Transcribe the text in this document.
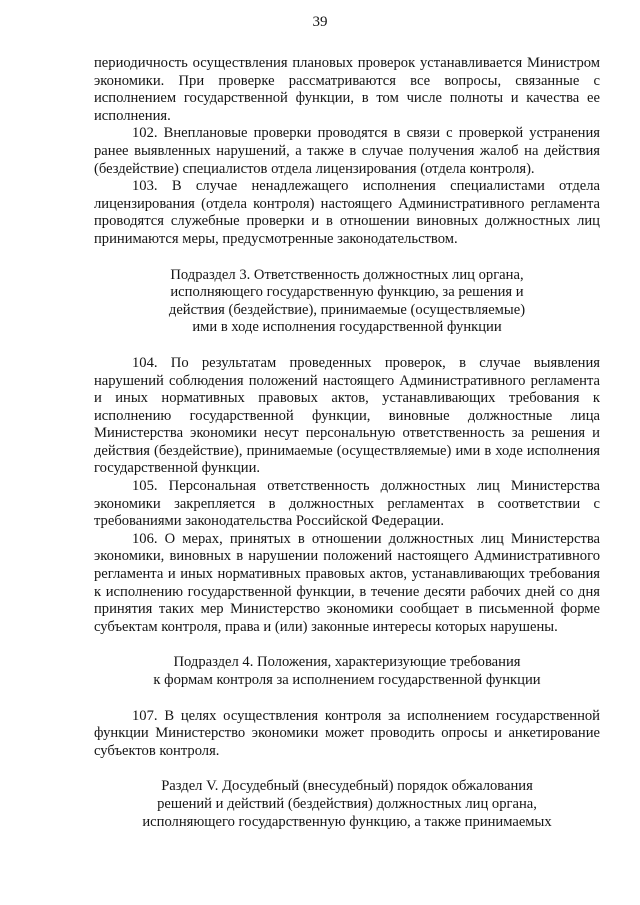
39

периодичность осуществления плановых проверок устанавливается Министром экономики. При проверке рассматриваются все вопросы, связанные с исполнением государственной функции, в том числе полноты и качества ее исполнения.

102. Внеплановые проверки проводятся в связи с проверкой устранения ранее выявленных нарушений, а также в случае получения жалоб на действия (бездействие) специалистов отдела лицензирования (отдела контроля).

103. В случае ненадлежащего исполнения специалистами отдела лицензирования (отдела контроля) настоящего Административного регламента проводятся служебные проверки и в отношении виновных должностных лиц принимаются меры, предусмотренные законодательством.

Подраздел 3. Ответственность должностных лиц органа,
исполняющего государственную функцию, за решения и
действия (бездействие), принимаемые (осуществляемые)
ими в ходе исполнения государственной функции

104. По результатам проведенных проверок, в случае выявления нарушений соблюдения положений настоящего Административного регламента и иных нормативных правовых актов, устанавливающих требования к исполнению государственной функции, виновные должностные лица Министерства экономики несут персональную ответственность за решения и действия (бездействие), принимаемые (осуществляемые) ими в ходе исполнения государственной функции.

105. Персональная ответственность должностных лиц Министерства экономики закрепляется в должностных регламентах в соответствии с требованиями законодательства Российской Федерации.

106. О мерах, принятых в отношении должностных лиц Министерства экономики, виновных в нарушении положений настоящего Административного регламента и иных нормативных правовых актов, устанавливающих требования к исполнению государственной функции, в течение десяти рабочих дней со дня принятия таких мер Министерство экономики сообщает в письменной форме субъектам контроля, права и (или) законные интересы которых нарушены.

Подраздел 4. Положения, характеризующие требования
к формам контроля за исполнением государственной функции

107. В целях осуществления контроля за исполнением государственной функции Министерство экономики может проводить опросы и анкетирование субъектов контроля.

Раздел V. Досудебный (внесудебный) порядок обжалования
решений и действий (бездействия) должностных лиц органа,
исполняющего государственную функцию, а также принимаемых
